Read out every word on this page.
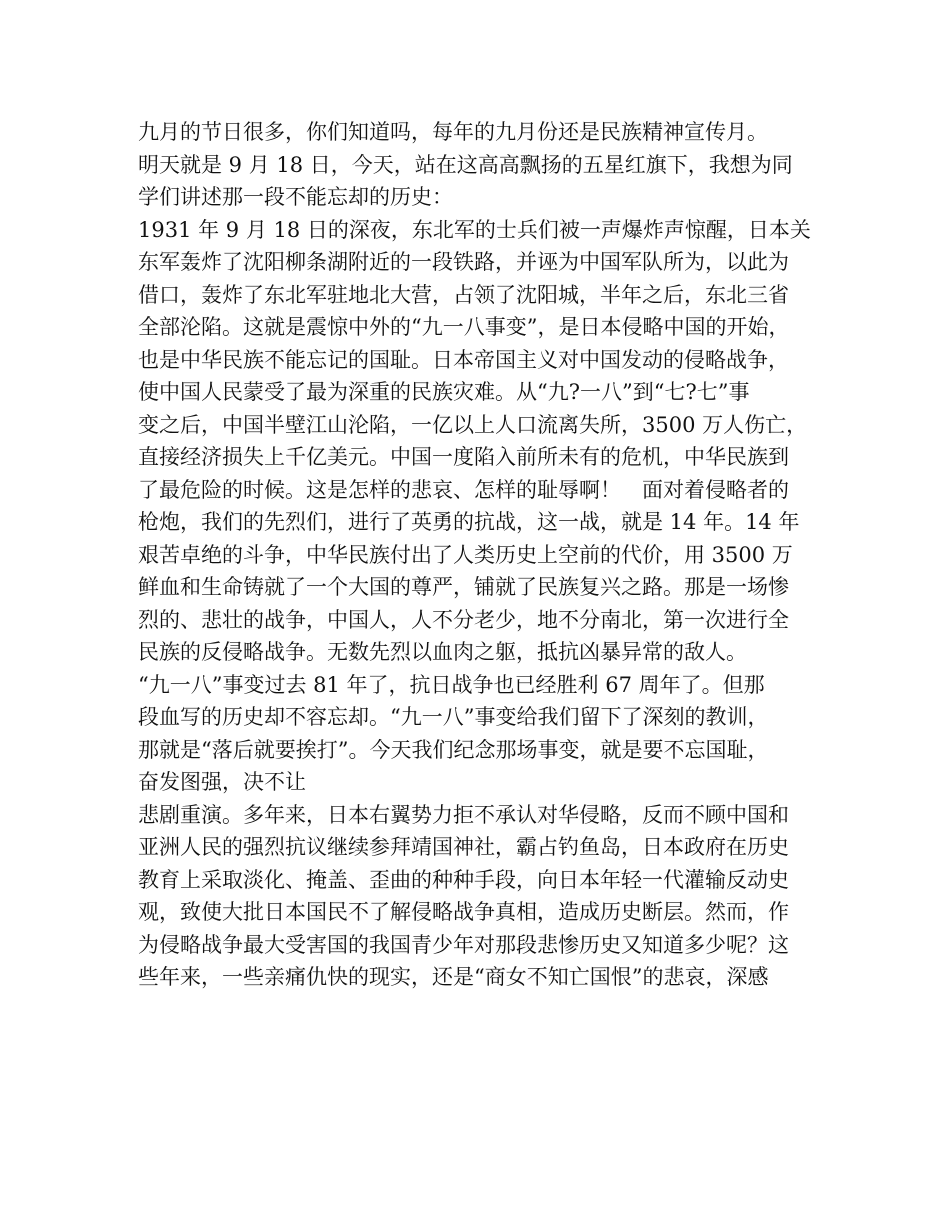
九月的节日很多，你们知道吗，每年的九月份还是民族精神宣传月。
明天就是 9 月 18 日，今天，站在这高高飘扬的五星红旗下，我想为同
学们讲述那一段不能忘却的历史：
1931 年 9 月 18 日的深夜，东北军的士兵们被一声爆炸声惊醒，日本关
东军轰炸了沈阳柳条湖附近的一段铁路，并诬为中国军队所为，以此为
借口，轰炸了东北军驻地北大营，占领了沈阳城，半年之后，东北三省
全部沦陷。这就是震惊中外的“九一八事变”，是日本侵略中国的开始，
也是中华民族不能忘记的国耻。日本帝国主义对中国发动的侵略战争，
使中国人民蒙受了最为深重的民族灾难。从“九?一八”到“七?七”事
变之后，中国半壁江山沦陷，一亿以上人口流离失所，3500 万人伤亡，
直接经济损失上千亿美元。中国一度陷入前所未有的危机，中华民族到
了最危险的时候。这是怎样的悲哀、怎样的耻辱啊！　面对着侵略者的
枪炮，我们的先烈们，进行了英勇的抗战，这一战，就是 14 年。14 年
艰苦卓绝的斗争，中华民族付出了人类历史上空前的代价，用 3500 万
鲜血和生命铸就了一个大国的尊严，铺就了民族复兴之路。那是一场惨
烈的、悲壮的战争，中国人，人不分老少，地不分南北，第一次进行全
民族的反侵略战争。无数先烈以血肉之躯，抵抗凶暴异常的敌人。
“九一八”事变过去 81 年了，抗日战争也已经胜利 67 周年了。但那
段血写的历史却不容忘却。“九一八”事变给我们留下了深刻的教训，
那就是“落后就要挨打”。今天我们纪念那场事变，就是要不忘国耻，
奋发图强，决不让
悲剧重演。多年来，日本右翼势力拒不承认对华侵略，反而不顾中国和
亚洲人民的强烈抗议继续参拜靖国神社，霸占钓鱼岛，日本政府在历史
教育上采取淡化、掩盖、歪曲的种种手段，向日本年轻一代灌输反动史
观，致使大批日本国民不了解侵略战争真相，造成历史断层。然而，作
为侵略战争最大受害国的我国青少年对那段悲惨历史又知道多少呢？这
些年来，一些亲痛仇快的现实，还是“商女不知亡国恨”的悲哀，深感
